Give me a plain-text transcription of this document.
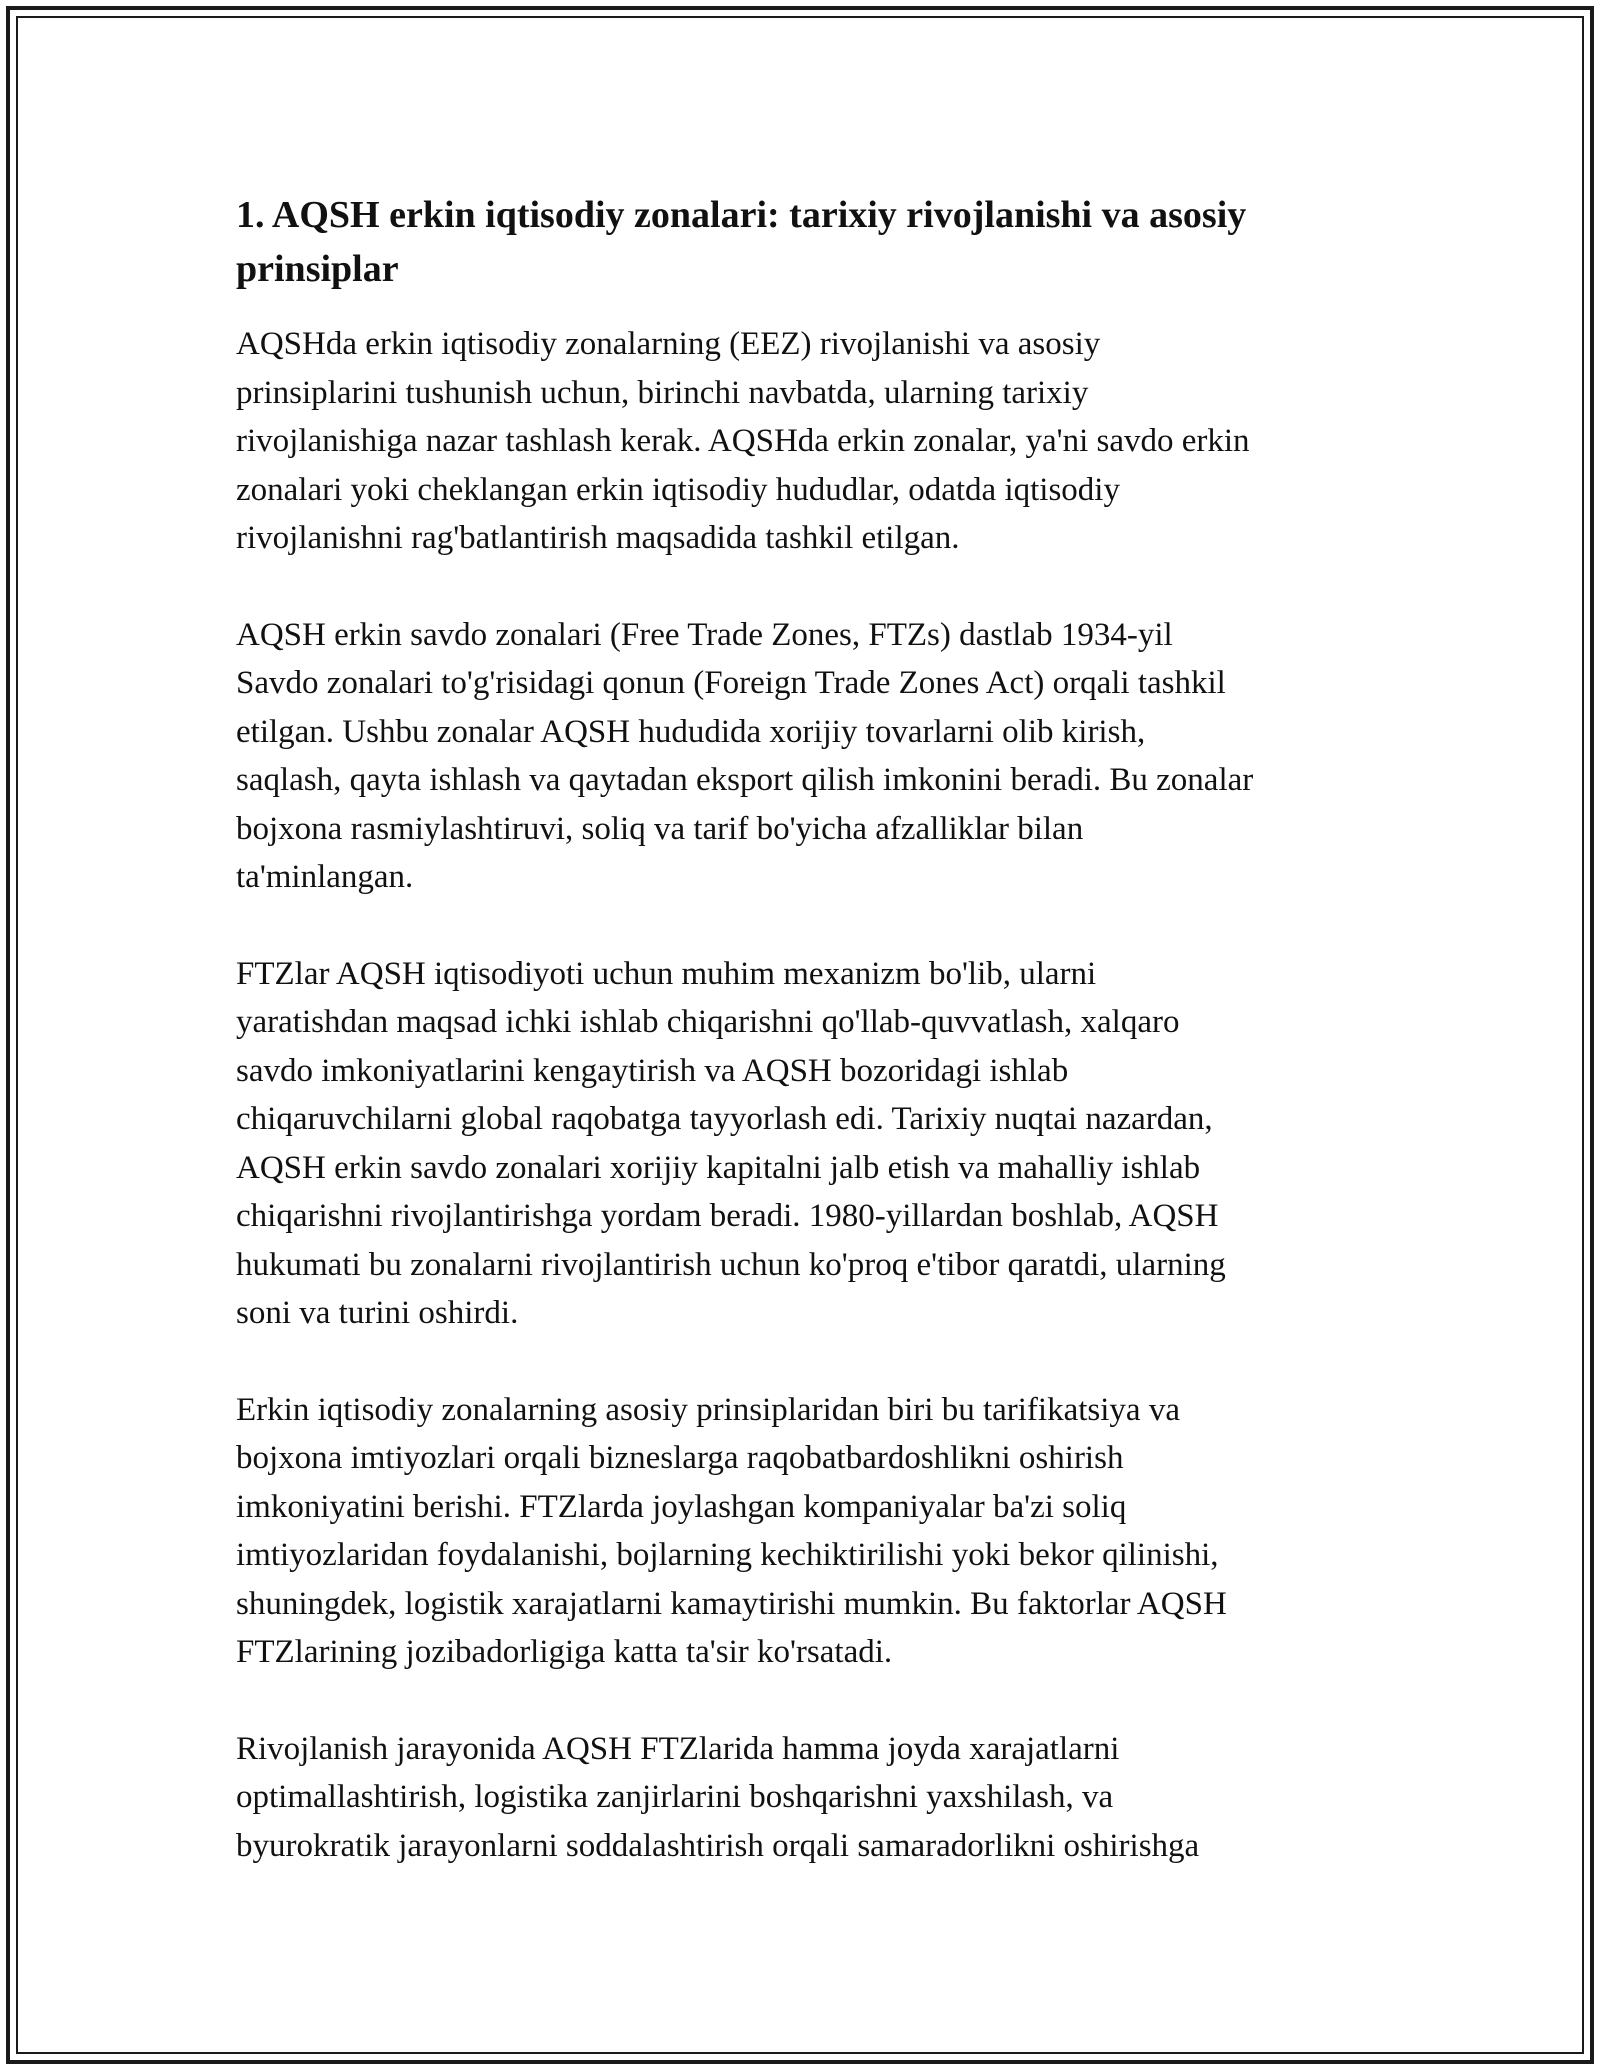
1. AQSH erkin iqtisodiy zonalari: tarixiy rivojlanishi va asosiy
prinsiplar

AQSHda erkin iqtisodiy zonalarning (EEZ) rivojlanishi va asosiy
prinsiplarini tushunish uchun, birinchi navbatda, ularning tarixiy
rivojlanishiga nazar tashlash kerak. AQSHda erkin zonalar, ya'ni savdo erkin
zonalari yoki cheklangan erkin iqtisodiy hududlar, odatda iqtisodiy
rivojlanishni rag'batlantirish maqsadida tashkil etilgan.

AQSH erkin savdo zonalari (Free Trade Zones, FTZs) dastlab 1934-yil
Savdo zonalari to'g'risidagi qonun (Foreign Trade Zones Act) orqali tashkil
etilgan. Ushbu zonalar AQSH hududida xorijiy tovarlarni olib kirish,
saqlash, qayta ishlash va qaytadan eksport qilish imkonini beradi. Bu zonalar
bojxona rasmiylashtiruvi, soliq va tarif bo'yicha afzalliklar bilan
ta'minlangan.

FTZlar AQSH iqtisodiyoti uchun muhim mexanizm bo'lib, ularni
yaratishdan maqsad ichki ishlab chiqarishni qo'llab-quvvatlash, xalqaro
savdo imkoniyatlarini kengaytirish va AQSH bozoridagi ishlab
chiqaruvchilarni global raqobatga tayyorlash edi. Tarixiy nuqtai nazardan,
AQSH erkin savdo zonalari xorijiy kapitalni jalb etish va mahalliy ishlab
chiqarishni rivojlantirishga yordam beradi. 1980-yillardan boshlab, AQSH
hukumati bu zonalarni rivojlantirish uchun ko'proq e'tibor qaratdi, ularning
soni va turini oshirdi.

Erkin iqtisodiy zonalarning asosiy prinsiplaridan biri bu tarifikatsiya va
bojxona imtiyozlari orqali bizneslarga raqobatbardoshlikni oshirish
imkoniyatini berishi. FTZlarda joylashgan kompaniyalar ba'zi soliq
imtiyozlaridan foydalanishi, bojlarning kechiktirilishi yoki bekor qilinishi,
shuningdek, logistik xarajatlarni kamaytirishi mumkin. Bu faktorlar AQSH
FTZlarining jozibadorligiga katta ta'sir ko'rsatadi.

Rivojlanish jarayonida AQSH FTZlarida hamma joyda xarajatlarni
optimallashtirish, logistika zanjirlarini boshqarishni yaxshilash, va
byurokratik jarayonlarni soddalashtirish orqali samaradorlikni oshirishga
